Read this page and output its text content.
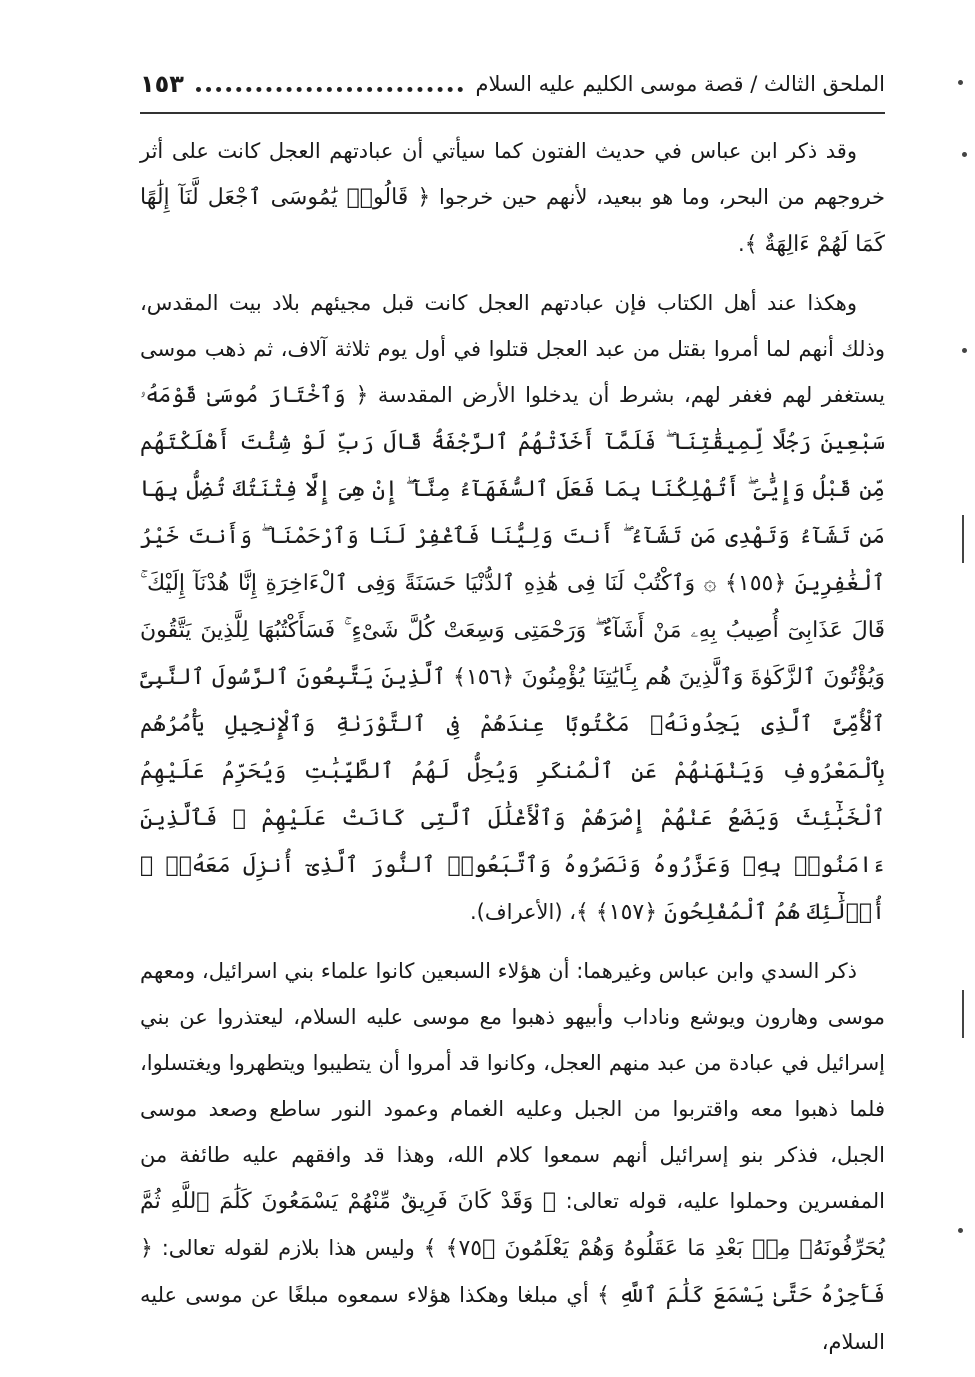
الملحق الثالث / قصة موسى الكليم عليه السلام
١٥٣

وقد ذكر ابن عباس في حديث الفتون كما سيأتي أن عبادتهم العجل كانت على أثر خروجهم من البحر، وما هو ببعيد، لأنهم حين خرجوا ﴿ قَالُوا۟ يَٰمُوسَى ٱجْعَل لَّنَآ إِلَٰهًا كَمَا لَهُمْ ءَالِهَةٌ ﴾.

وهكذا عند أهل الكتاب فإن عبادتهم العجل كانت قبل مجيئهم بلاد بيت المقدس، وذلك أنهم لما أمروا بقتل من عبد العجل قتلوا في أول يوم ثلاثة آلاف، ثم ذهب موسى يستغفر لهم فغفر لهم، بشرط أن يدخلوا الأرض المقدسة ﴿ وَٱخْتَارَ مُوسَىٰ قَوْمَهُۥ سَبْعِينَ رَجُلًا لِّمِيقَٰتِنَا ۖ فَلَمَّآ أَخَذَتْهُمُ ٱلرَّجْفَةُ قَالَ رَبِّ لَوْ شِئْتَ أَهْلَكْتَهُم مِّن قَبْلُ وَإِيَّٰىَ ۖ أَتُهْلِكُنَا بِمَا فَعَلَ ٱلسُّفَهَآءُ مِنَّآ ۖ إِنْ هِىَ إِلَّا فِتْنَتُكَ تُضِلُّ بِهَا مَن تَشَآءُ وَتَهْدِى مَن تَشَآءُ ۖ أَنتَ وَلِيُّنَا فَٱغْفِرْ لَنَا وَٱرْحَمْنَا ۖ وَأَنتَ خَيْرُ ٱلْغَٰفِرِينَ ﴿١٥٥﴾ ۞ وَٱكْتُبْ لَنَا فِى هَٰذِهِ ٱلدُّنْيَا حَسَنَةً وَفِى ٱلْءَاخِرَةِ إِنَّا هُدْنَآ إِلَيْكَ ۚ قَالَ عَذَابِىٓ أُصِيبُ بِهِۦ مَنْ أَشَآءُ ۖ وَرَحْمَتِى وَسِعَتْ كُلَّ شَىْءٍ ۚ فَسَأَكْتُبُهَا لِلَّذِينَ يَتَّقُونَ وَيُؤْتُونَ ٱلزَّكَوٰةَ وَٱلَّذِينَ هُم بِـَٔايَٰتِنَا يُؤْمِنُونَ ﴿١٥٦﴾ ٱلَّذِينَ يَتَّبِعُونَ ٱلرَّسُولَ ٱلنَّبِىَّ ٱلْأُمِّىَّ ٱلَّذِى يَجِدُونَهُۥ مَكْتُوبًا عِندَهُمْ فِى ٱلتَّوْرَىٰةِ وَٱلْإِنجِيلِ يَأْمُرُهُم بِٱلْمَعْرُوفِ وَيَنْهَىٰهُمْ عَنِ ٱلْمُنكَرِ وَيُحِلُّ لَهُمُ ٱلطَّيِّبَٰتِ وَيُحَرِّمُ عَلَيْهِمُ ٱلْخَبَٰٓئِثَ وَيَضَعُ عَنْهُمْ إِصْرَهُمْ وَٱلْأَغْلَٰلَ ٱلَّتِى كَانَتْ عَلَيْهِمْ ۚ فَٱلَّذِينَ ءَامَنُوا۟ بِهِۦ وَعَزَّرُوهُ وَنَصَرُوهُ وَٱتَّبَعُوا۟ ٱلنُّورَ ٱلَّذِىٓ أُنزِلَ مَعَهُۥٓ ۙ أُو۟لَٰٓئِكَ هُمُ ٱلْمُفْلِحُونَ ﴿١٥٧﴾ ﴾، (الأعراف).

ذكر السدي وابن عباس وغيرهما: أن هؤلاء السبعين كانوا علماء بني اسرائيل، ومعهم موسى وهارون ويوشع وناداب وأبيهو ذهبوا مع موسى عليه السلام، ليعتذروا عن بني إسرائيل في عبادة من عبد منهم العجل، وكانوا قد أمروا أن يتطيبوا ويتطهروا ويغتسلوا، فلما ذهبوا معه واقتربوا من الجبل وعليه الغمام وعمود النور ساطع وصعد موسى الجبل، فذكر بنو إسرائيل أنهم سمعوا كلام الله، وهذا قد وافقهم عليه طائفة من المفسرين وحملوا عليه، قوله تعالى: ﴿ وَقَدْ كَانَ فَرِيقٌ مِّنْهُمْ يَسْمَعُونَ كَلَٰمَ ٱللَّهِ ثُمَّ يُحَرِّفُونَهُۥ مِنۢ بَعْدِ مَا عَقَلُوهُ وَهُمْ يَعْلَمُونَ ﴿٧٥﴾ ﴾ وليس هذا بلازم لقوله تعالى: ﴿ فَأَجِرْهُ حَتَّىٰ يَسْمَعَ كَلَٰمَ ٱللَّهِ ﴾ أي مبلغا وهكذا هؤلاء سمعوه مبلغًا عن موسى عليه السلام،
